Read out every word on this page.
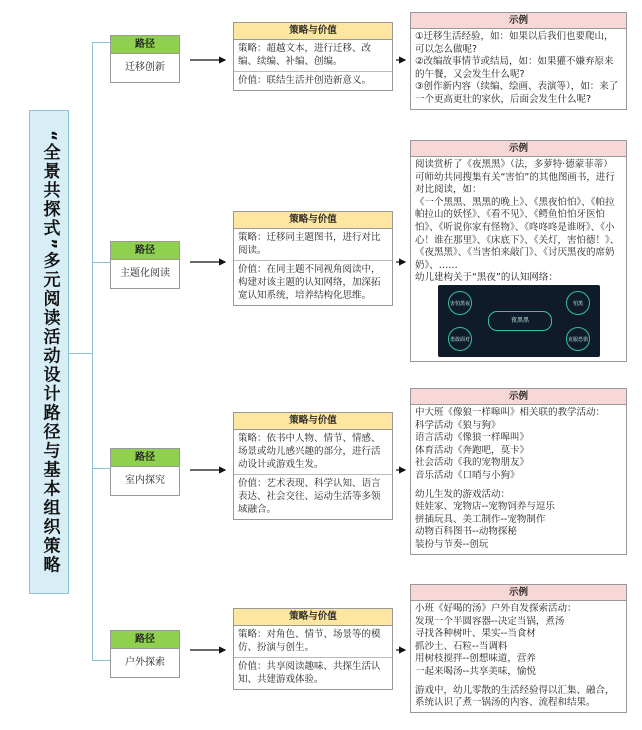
“全景共探式”多元阅读活动设计路径与基本组织策略
路径
迁移创新
策略与价值
策略：超越文本，进行迁移、改编、续编、补编、创编。
价值：联结生活并创造新意义。
示例
①迁移生活经验，如：如果以后我们也要爬山，可以怎么做呢?
②改编故事情节或结局，如：如果獾不嫌弃原来的午餐，又会发生什么呢?
③创作新内容（续编、绘画、表演等），如：来了一个更高更壮的家伙，后面会发生什么呢?
路径
主题化阅读
策略与价值
策略：迁移同主题图书，进行对比阅读。
价值：在同主题不同视角阅读中，构建对该主题的认知网络，加深拓宽认知系统，培养结构化思维。
示例
阅读赏析了《夜黑黑》（法，多萝特·德蒙菲蒂）可师幼共同搜集有关“害怕”的其他图画书，进行对比阅读，如：
《一个黑黑、黑黑的晚上》、《黑夜怕怕》、《帕拉帕拉山的妖怪》、《看不见》、《鳄鱼怕怕牙医怕怕》、《听说你家有怪物》、《咚咚咚是谁呀》、《小心！谁在那里》、《床底下》、《关灯，害怕德！》、《夜黑黑》、《当害怕来敲门》、《讨厌黑夜的席奶奶》、……
幼儿建构关于“黑夜”的认知网络：
夜黑黑
害怕黑夜	怕黑
勇敢面对	克服恐惧
路径
室内探究
策略与价值
策略：依书中人物、情节、情感、场景或幼儿感兴趣的部分，进行活动设计或游戏生发。
价值：艺术表现、科学认知、语言表达、社会交往、运动生活等多领域融合。
示例
中大班《像狼一样嗥叫》相关联的教学活动：
科学活动《狼与狗》
语言活动《像狼一样嗥叫》
体育活动《奔跑吧，莫卡》
社会活动《我的宠物朋友》
音乐活动《口哨与小狗》
幼儿生发的游戏活动：
娃娃家、宠物店--宠物饲养与逗乐
拼插玩具、美工制作--宠物制作
动物百科图书--动物探秘
装扮与节奏--创玩
路径
户外探索
策略与价值
策略：对角色、情节、场景等的模仿、扮演与创生。
价值：共享阅读趣味、共探生活认知、共建游戏体验。
示例
小班《好喝的汤》户外自发探索活动：
发现一个半圆容器--决定当锅，煮汤
寻找各种树叶、果实--当食材
抓沙土、石粒--当调料
用树枝搅拌--创想味道，营养
一起来喝汤--共享美味，愉悦
游戏中，幼儿零散的生活经验得以汇集、融合，系统认识了煮一锅汤的内容、流程和结果。
